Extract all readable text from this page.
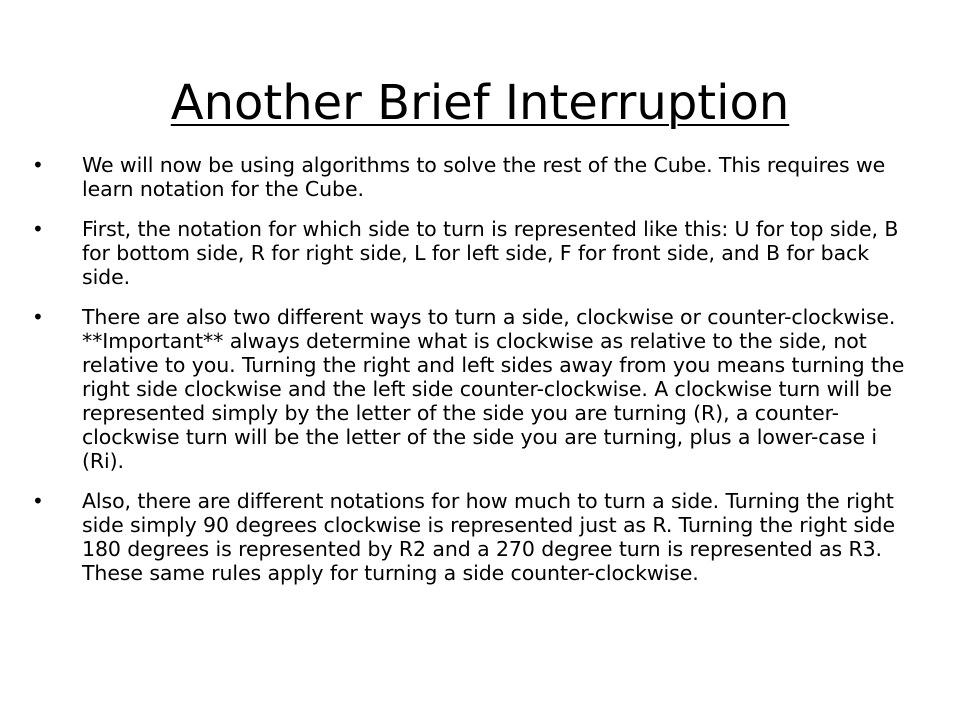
Another Brief Interruption
• We will now be using algorithms to solve the rest of the Cube. This requires we learn notation for the Cube.
• First, the notation for which side to turn is represented like this: U for top side, B for bottom side, R for right side, L for left side, F for front side, and B for back side.
• There are also two different ways to turn a side, clockwise or counter-clockwise. **Important** always determine what is clockwise as relative to the side, not relative to you. Turning the right and left sides away from you means turning the right side clockwise and the left side counter-clockwise. A clockwise turn will be represented simply by the letter of the side you are turning (R), a counter-clockwise turn will be the letter of the side you are turning, plus a lower-case i (Ri).
• Also, there are different notations for how much to turn a side. Turning the right side simply 90 degrees clockwise is represented just as R. Turning the right side 180 degrees is represented by R2 and a 270 degree turn is represented as R3. These same rules apply for turning a side counter-clockwise.
